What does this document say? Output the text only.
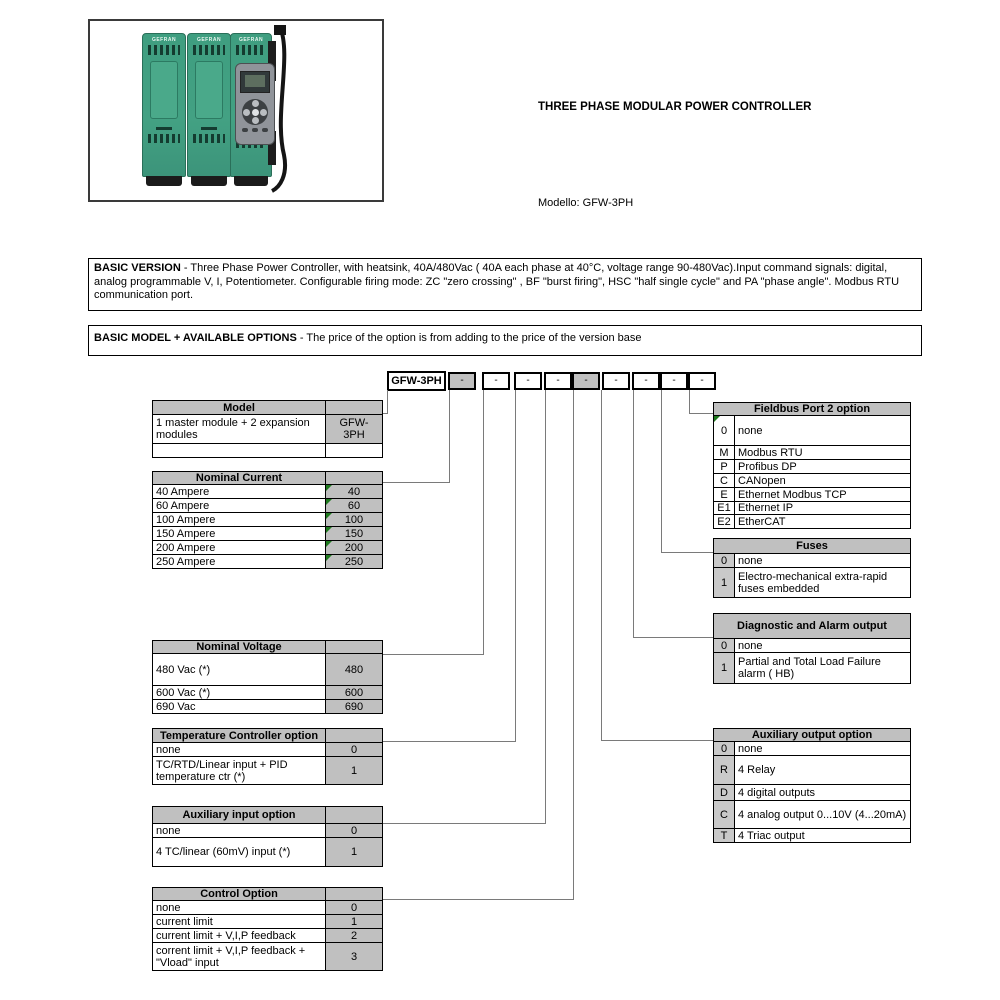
GEFRAN	GEFRAN	GEFRAN
THREE PHASE MODULAR POWER CONTROLLER
Modello: GFW-3PH
BASIC VERSION - Three Phase Power Controller, with heatsink, 40A/480Vac ( 40A each phase at 40°C, voltage range 90-480Vac).Input command signals: digital, analog programmable V, I, Potentiometer. Configurable firing mode: ZC "zero crossing" , BF "burst firing", HSC "half single cycle" and PA "phase angle". Modbus RTU communication port.
BASIC MODEL + AVAILABLE OPTIONS - The price of the option is from adding to the price of the version base
GFW-3PH	-	-	-	-	-	-	-	-	-
Model	
1 master module + 2 expansion modules	GFW-3PH

Nominal Current	
40 Ampere	40
60 Ampere	60
100 Ampere	100
150 Ampere	150
200 Ampere	200
250 Ampere	250
Nominal Voltage	
480 Vac (*)	480
600 Vac (*)	600
690 Vac	690
Temperature Controller option	
none	0
TC/RTD/Linear input + PID temperature ctr (*)	1
Auxiliary input option	
none	0
4 TC/linear (60mV) input (*)	1
Control Option	
none	0
current limit	1
current limit + V,I,P feedback	2
corrent limit + V,I,P feedback + "Vload" input	3
Fieldbus Port 2 option	

0	none
M	Modbus RTU
P	Profibus DP
C	CANopen
E	Ethernet Modbus TCP
E1	Ethernet IP
E2	EtherCAT
Fuses	
0	none
1	Electro-mechanical extra-rapid fuses embedded
Diagnostic and Alarm output	
0	none
1	Partial and Total Load Failure alarm ( HB)
Auxiliary output option	
0	none
R	4 Relay
D	4 digital outputs
C	4 analog output 0...10V (4...20mA)
T	4 Triac output
